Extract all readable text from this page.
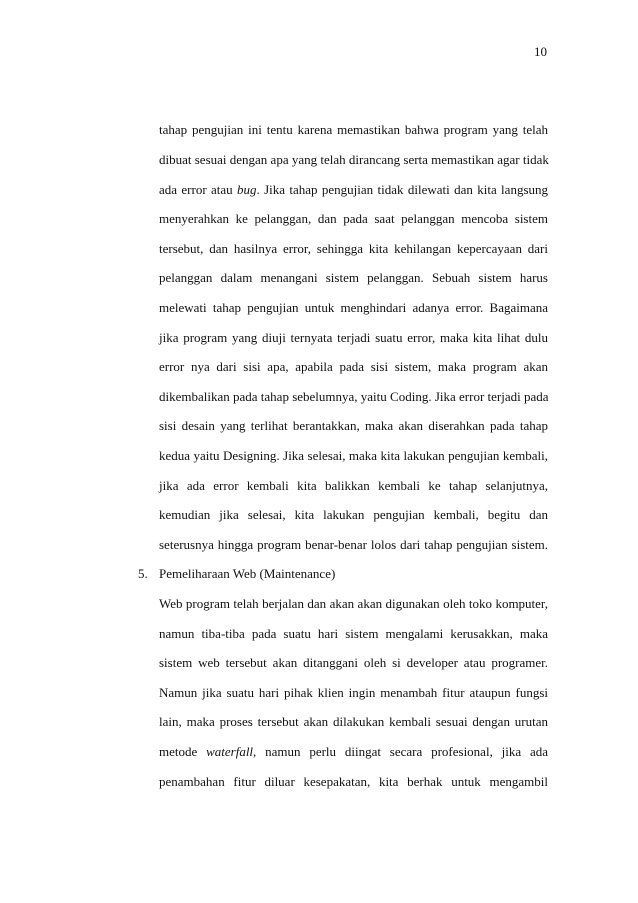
10
tahap pengujian ini tentu karena memastikan bahwa program yang telah
dibuat sesuai dengan apa yang telah dirancang serta memastikan agar tidak
ada error atau bug. Jika tahap pengujian tidak dilewati dan kita langsung
menyerahkan ke pelanggan, dan pada saat pelanggan mencoba sistem
tersebut, dan hasilnya error, sehingga kita kehilangan kepercayaan dari
pelanggan dalam menangani sistem pelanggan. Sebuah sistem harus
melewati tahap pengujian untuk menghindari adanya error. Bagaimana
jika program yang diuji ternyata terjadi suatu error, maka kita lihat dulu
error nya dari sisi apa, apabila pada sisi sistem, maka program akan
dikembalikan pada tahap sebelumnya, yaitu Coding. Jika error terjadi pada
sisi desain yang terlihat berantakkan, maka akan diserahkan pada tahap
kedua yaitu Designing. Jika selesai, maka kita lakukan pengujian kembali,
jika ada error kembali kita balikkan kembali ke tahap selanjutnya,
kemudian jika selesai, kita lakukan pengujian kembali, begitu dan
seterusnya hingga program benar-benar lolos dari tahap pengujian sistem.
5. Pemeliharaan Web (Maintenance)
Web program telah berjalan dan akan akan digunakan oleh toko komputer,
namun tiba-tiba pada suatu hari sistem mengalami kerusakkan, maka
sistem web tersebut akan ditanggani oleh si developer atau programer.
Namun jika suatu hari pihak klien ingin menambah fitur ataupun fungsi
lain, maka proses tersebut akan dilakukan kembali sesuai dengan urutan
metode waterfall, namun perlu diingat secara profesional, jika ada
penambahan fitur diluar kesepakatan, kita berhak untuk mengambil
